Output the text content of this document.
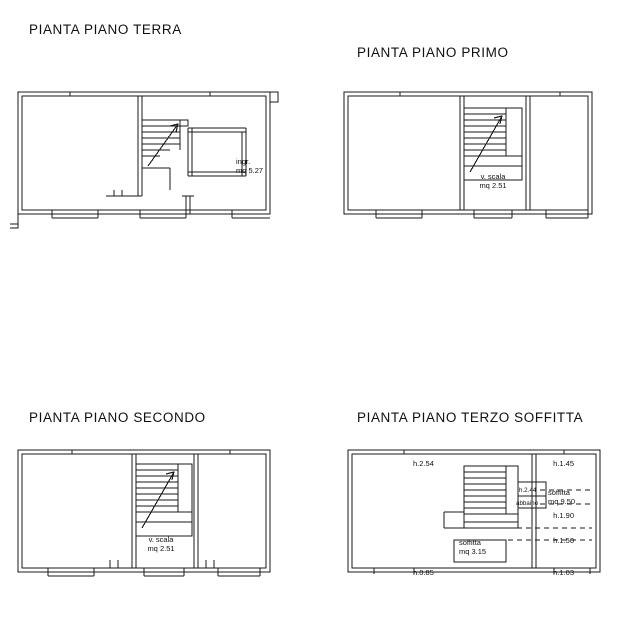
PIANTA PIANO TERRA
ingr.
mq 5.27
PIANTA PIANO PRIMO
v. scala
mq 2.51
PIANTA PIANO SECONDO
v. scala
mq 2.51
PIANTA PIANO TERZO SOFFITTA
h.2.54	h.1.45
h.2.44
abbaino
soffitta
mq 9.50
h.1.90
h.1.50
soffitta
mq 3.15
h.0.85	h.1.03
